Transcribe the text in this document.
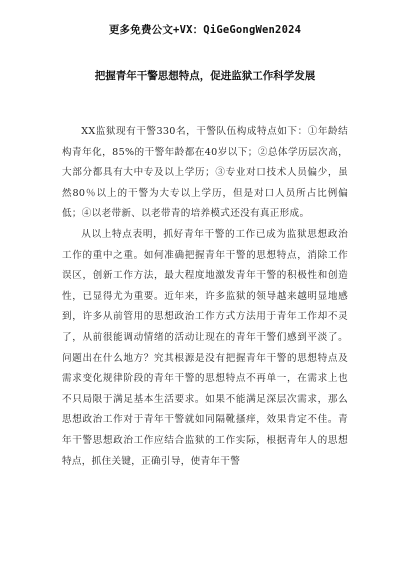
更多免费公文+VX：QiGeGongWen2024
把握青年干警思想特点，促进监狱工作科学发展

XX监狱现有干警330名，干警队伍构成特点如下：①年龄结构青年化，85%的干警年龄都在40岁以下；②总体学历层次高，大部分都具有大中专及以上学历；③专业对口技术人员偏少，虽然80％以上的干警为大专以上学历，但是对口人员所占比例偏低；④以老带新、以老带青的培养模式还没有真正形成。

从以上特点表明，抓好青年干警的工作已成为监狱思想政治工作的重中之重。如何准确把握青年干警的思想特点，消除工作误区，创新工作方法，最大程度地激发青年干警的积极性和创造性，已显得尤为重要。近年来，许多监狱的领导越来越明显地感到，许多从前管用的思想政治工作方式方法用于青年工作却不灵了，从前很能调动情绪的活动让现在的青年干警们感到平淡了。问题出在什么地方？究其根源是没有把握青年干警的思想特点及需求变化规律阶段的青年干警的思想特点不再单一，在需求上也不只局限于满足基本生活要求。如果不能满足深层次需求，那么思想政治工作对于青年干警就如同隔靴搔痒，效果肯定不佳。青年干警思想政治工作应结合监狱的工作实际，根据青年人的思想特点，抓住关键，正确引导，使青年干警
